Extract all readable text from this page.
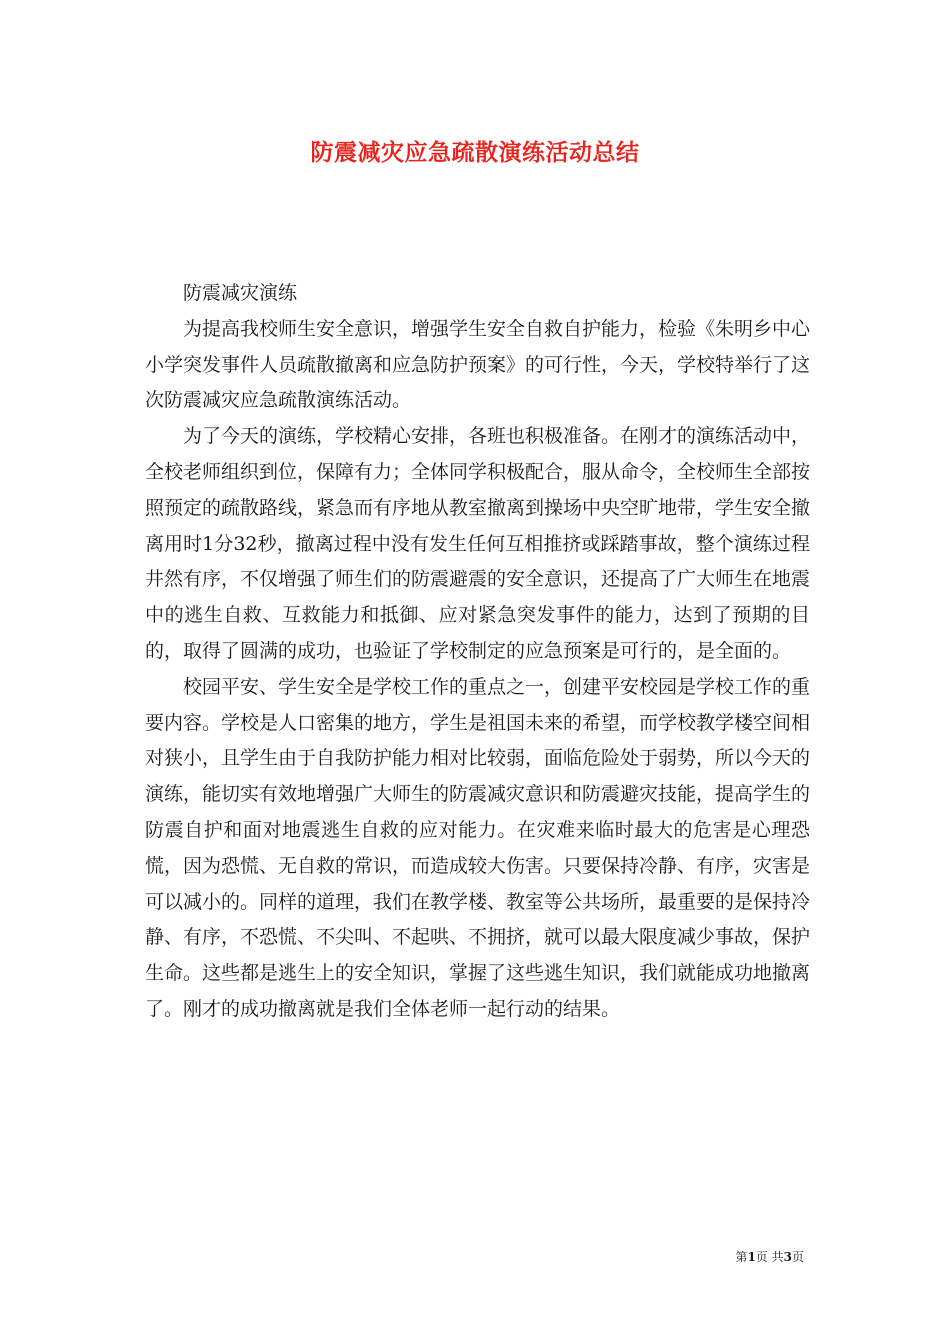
防震减灾应急疏散演练活动总结

防震减灾演练

为提高我校师生安全意识，增强学生安全自救自护能力，检验《朱明乡中心小学突发事件人员疏散撤离和应急防护预案》的可行性，今天，学校特举行了这次防震减灾应急疏散演练活动。

为了今天的演练，学校精心安排，各班也积极准备。在刚才的演练活动中，全校老师组织到位，保障有力；全体同学积极配合，服从命令，全校师生全部按照预定的疏散路线，紧急而有序地从教室撤离到操场中央空旷地带，学生安全撤离用时1分32秒，撤离过程中没有发生任何互相推挤或踩踏事故，整个演练过程井然有序，不仅增强了师生们的防震避震的安全意识，还提高了广大师生在地震中的逃生自救、互救能力和抵御、应对紧急突发事件的能力，达到了预期的目的，取得了圆满的成功，也验证了学校制定的应急预案是可行的，是全面的。

校园平安、学生安全是学校工作的重点之一，创建平安校园是学校工作的重要内容。学校是人口密集的地方，学生是祖国未来的希望，而学校教学楼空间相对狭小，且学生由于自我防护能力相对比较弱，面临危险处于弱势，所以今天的演练，能切实有效地增强广大师生的防震减灾意识和防震避灾技能，提高学生的防震自护和面对地震逃生自救的应对能力。在灾难来临时最大的危害是心理恐慌，因为恐慌、无自救的常识，而造成较大伤害。只要保持冷静、有序，灾害是可以减小的。同样的道理，我们在教学楼、教室等公共场所，最重要的是保持冷静、有序，不恐慌、不尖叫、不起哄、不拥挤，就可以最大限度减少事故，保护生命。这些都是逃生上的安全知识，掌握了这些逃生知识，我们就能成功地撤离了。刚才的成功撤离就是我们全体老师一起行动的结果。

第1页 共3页
